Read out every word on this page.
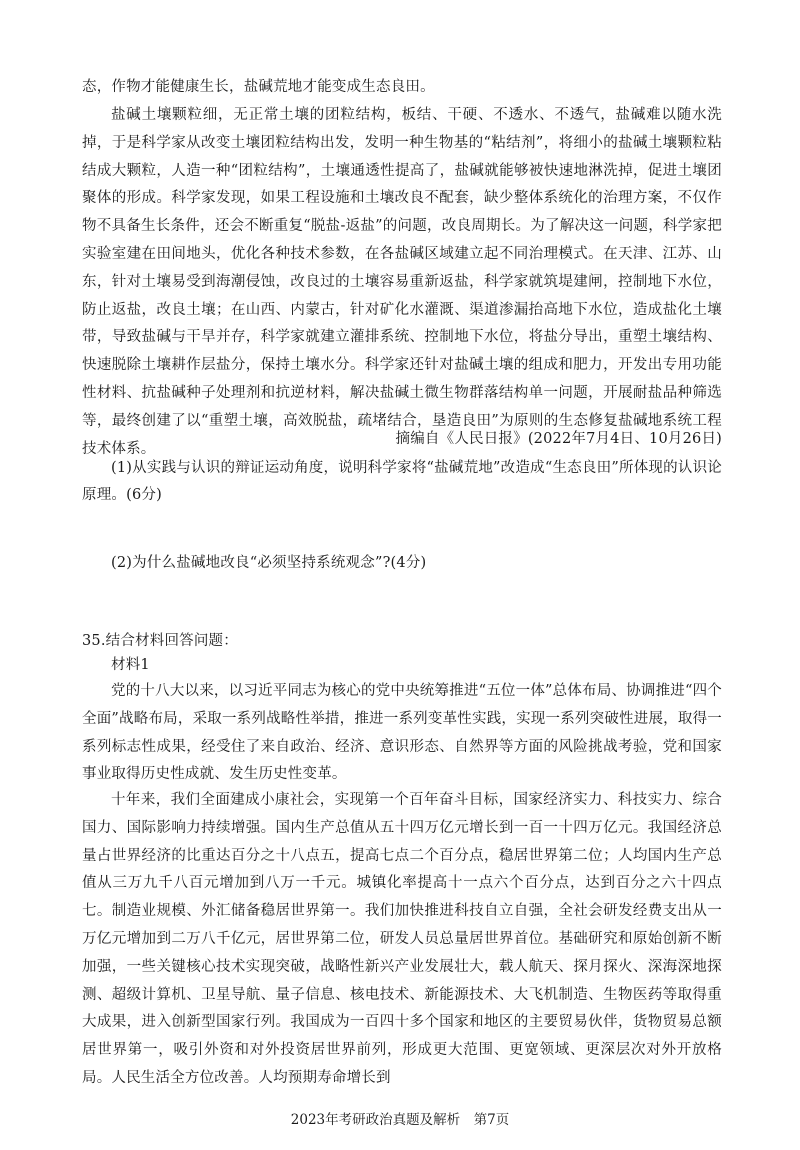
态，作物才能健康生长，盐碱荒地才能变成生态良田。

盐碱土壤颗粒细，无正常土壤的团粒结构，板结、干硬、不透水、不透气，盐碱难以随水洗掉，于是科学家从改变土壤团粒结构出发，发明一种生物基的“粘结剂”，将细小的盐碱土壤颗粒粘结成大颗粒，人造一种“团粒结构”，土壤通透性提高了，盐碱就能够被快速地淋洗掉，促进土壤团聚体的形成。科学家发现，如果工程设施和土壤改良不配套，缺少整体系统化的治理方案，不仅作物不具备生长条件，还会不断重复“脱盐-返盐”的问题，改良周期长。为了解决这一问题，科学家把实验室建在田间地头，优化各种技术参数，在各盐碱区域建立起不同治理模式。在天津、江苏、山东，针对土壤易受到海潮侵蚀，改良过的土壤容易重新返盐，科学家就筑堤建闸，控制地下水位，防止返盐，改良土壤；在山西、内蒙古，针对矿化水灌溉、渠道渗漏抬高地下水位，造成盐化土壤带，导致盐碱与干旱并存，科学家就建立灌排系统、控制地下水位，将盐分导出，重塑土壤结构、快速脱除土壤耕作层盐分，保持土壤水分。科学家还针对盐碱土壤的组成和肥力，开发出专用功能性材料、抗盐碱种子处理剂和抗逆材料，解决盐碱土微生物群落结构单一问题，开展耐盐品种筛选等，最终创建了以“重塑土壤，高效脱盐，疏堵结合，垦造良田”为原则的生态修复盐碱地系统工程技术体系。

摘编自《人民日报》(2022年7月4日、10月26日)

(1)从实践与认识的辩证运动角度，说明科学家将“盐碱荒地”改造成“生态良田”所体现的认识论原理。(6分)

(2)为什么盐碱地改良“必须坚持系统观念”?(4分)

35.结合材料回答问题：

材料1

党的十八大以来，以习近平同志为核心的党中央统筹推进“五位一体”总体布局、协调推进“四个全面”战略布局，采取一系列战略性举措，推进一系列变革性实践，实现一系列突破性进展，取得一系列标志性成果，经受住了来自政治、经济、意识形态、自然界等方面的风险挑战考验，党和国家事业取得历史性成就、发生历史性变革。

十年来，我们全面建成小康社会，实现第一个百年奋斗目标，国家经济实力、科技实力、综合国力、国际影响力持续增强。国内生产总值从五十四万亿元增长到一百一十四万亿元。我国经济总量占世界经济的比重达百分之十八点五，提高七点二个百分点，稳居世界第二位；人均国内生产总值从三万九千八百元增加到八万一千元。城镇化率提高十一点六个百分点，达到百分之六十四点七。制造业规模、外汇储备稳居世界第一。我们加快推进科技自立自强，全社会研发经费支出从一万亿元增加到二万八千亿元，居世界第二位，研发人员总量居世界首位。基础研究和原始创新不断加强，一些关键核心技术实现突破，战略性新兴产业发展壮大，载人航天、探月探火、深海深地探测、超级计算机、卫星导航、量子信息、核电技术、新能源技术、大飞机制造、生物医药等取得重大成果，进入创新型国家行列。我国成为一百四十多个国家和地区的主要贸易伙伴，货物贸易总额居世界第一，吸引外资和对外投资居世界前列，形成更大范围、更宽领域、更深层次对外开放格局。人民生活全方位改善。人均预期寿命增长到

2023年考研政治真题及解析　第7页
